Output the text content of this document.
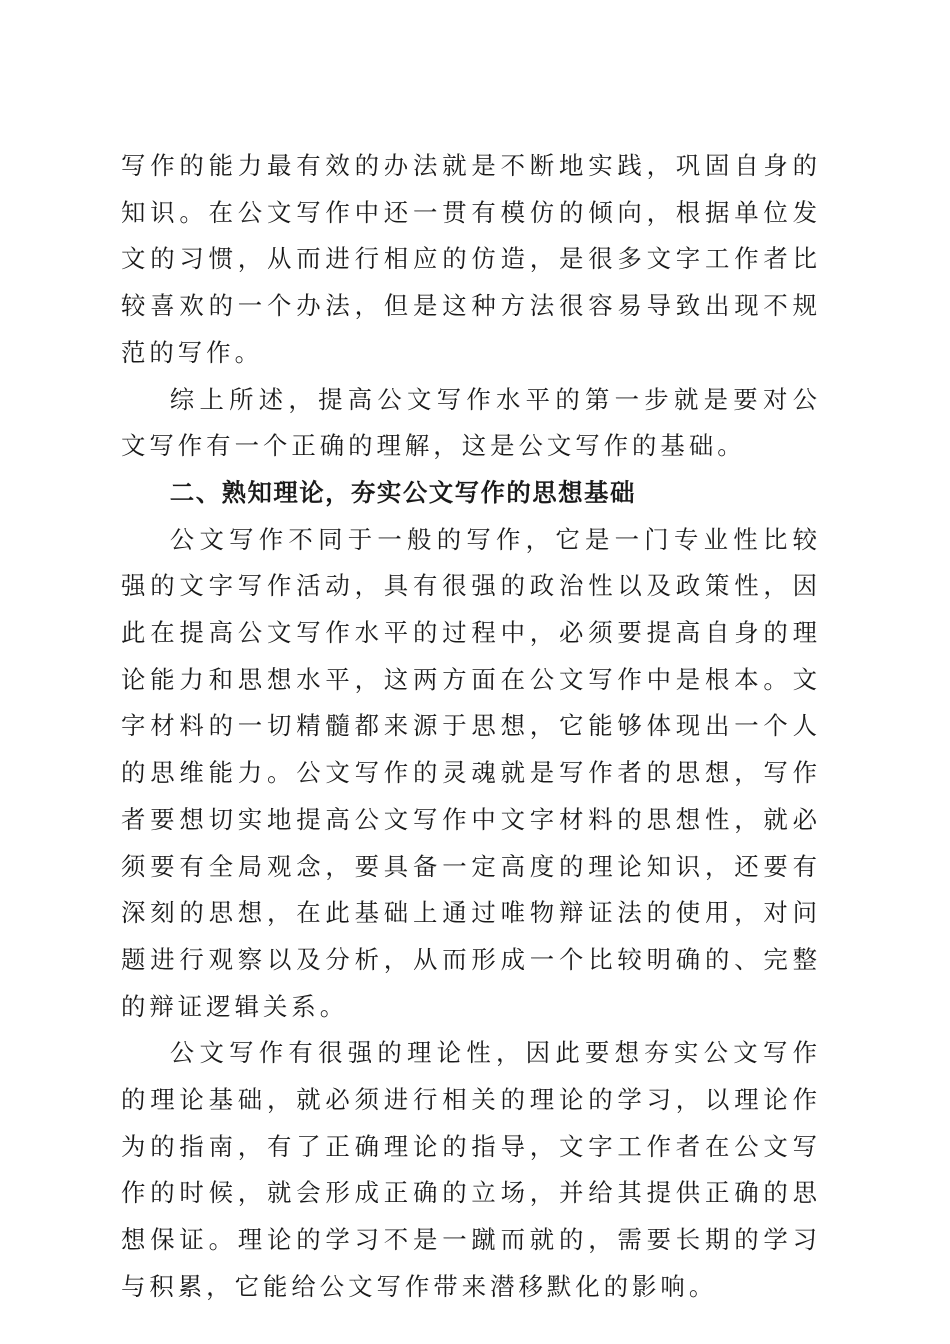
写作的能力最有效的办法就是不断地实践，巩固自身的知识。在公文写作中还一贯有模仿的倾向，根据单位发文的习惯，从而进行相应的仿造，是很多文字工作者比较喜欢的一个办法，但是这种方法很容易导致出现不规范的写作。

综上所述，提高公文写作水平的第一步就是要对公文写作有一个正确的理解，这是公文写作的基础。

二、熟知理论，夯实公文写作的思想基础

公文写作不同于一般的写作，它是一门专业性比较强的文字写作活动，具有很强的政治性以及政策性，因此在提高公文写作水平的过程中，必须要提高自身的理论能力和思想水平，这两方面在公文写作中是根本。文字材料的一切精髓都来源于思想，它能够体现出一个人的思维能力。公文写作的灵魂就是写作者的思想，写作者要想切实地提高公文写作中文字材料的思想性，就必须要有全局观念，要具备一定高度的理论知识，还要有深刻的思想，在此基础上通过唯物辩证法的使用，对问题进行观察以及分析，从而形成一个比较明确的、完整的辩证逻辑关系。

公文写作有很强的理论性，因此要想夯实公文写作的理论基础，就必须进行相关的理论的学习，以理论作为的指南，有了正确理论的指导，文字工作者在公文写作的时候，就会形成正确的立场，并给其提供正确的思想保证。理论的学习不是一蹴而就的，需要长期的学习与积累，它能给公文写作带来潜移默化的影响。
